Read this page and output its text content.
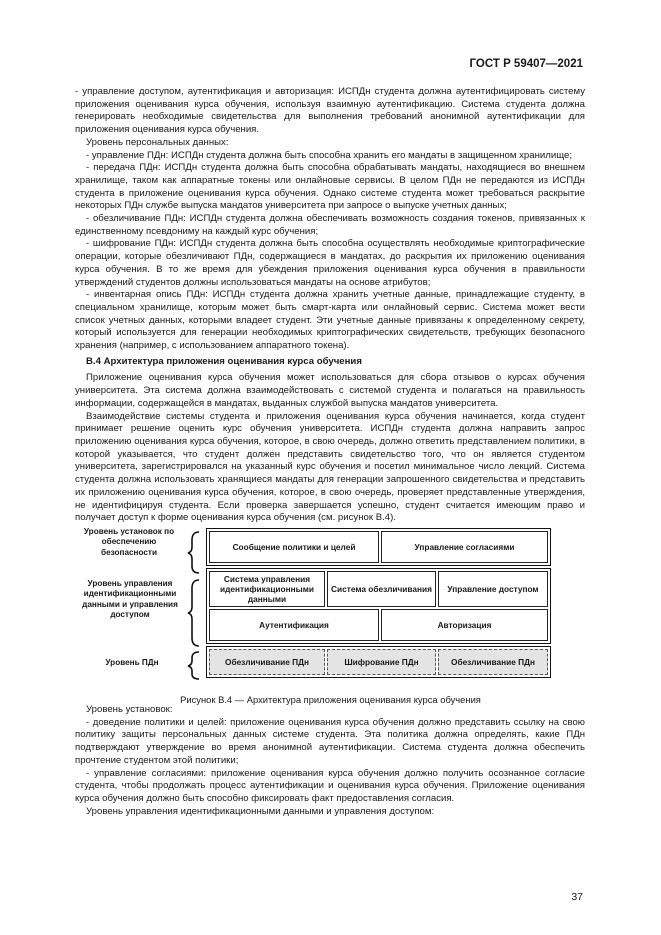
ГОСТ Р 59407—2021

- управление доступом, аутентификация и авторизация: ИСПДн студента должна аутентифицировать систему приложения оценивания курса обучения, используя взаимную аутентификацию. Система студента должна генерировать необходимые свидетельства для выполнения требований анонимной аутентификации для приложения оценивания курса обучения.

Уровень персональных данных:

- управление ПДн: ИСПДн студента должна быть способна хранить его мандаты в защищенном хранилище;

- передача ПДн: ИСПДн студента должна быть способна обрабатывать мандаты, находящиеся во внешнем хранилище, таком как аппаратные токены или онлайновые сервисы. В целом ПДн не передаются из ИСПДн студента в приложение оценивания курса обучения. Однако системе студента может требоваться раскрытие некоторых ПДн службе выпуска мандатов университета при запросе о выпуске учетных данных;

- обезличивание ПДн: ИСПДн студента должна обеспечивать возможность создания токенов, привязанных к единственному псевдониму на каждый курс обучения;

- шифрование ПДн: ИСПДн студента должна быть способна осуществлять необходимые криптографические операции, которые обезличивают ПДн, содержащиеся в мандатах, до раскрытия их приложению оценивания курса обучения. В то же время для убеждения приложения оценивания курса обучения в правильности утверждений студентов должны использоваться мандаты на основе атрибутов;

- инвентарная опись ПДн: ИСПДн студента должна хранить учетные данные, принадлежащие студенту, в специальном хранилище, которым может быть смарт-карта или онлайновый сервис. Система может вести список учетных данных, которыми владеет студент. Эти учетные данные привязаны к определенному секрету, который используется для генерации необходимых криптографических свидетельств, требующих безопасного хранения (например, с использованием аппаратного токена).

В.4 Архитектура приложения оценивания курса обучения

Приложение оценивания курса обучения может использоваться для сбора отзывов о курсах обучения университета. Эта система должна взаимодействовать с системой студента и полагаться на правильность информации, содержащейся в мандатах, выданных службой выпуска мандатов университета.

Взаимодействие системы студента и приложения оценивания курса обучения начинается, когда студент принимает решение оценить курс обучения университета. ИСПДн студента должна направить запрос приложению оценивания курса обучения, которое, в свою очередь, должно ответить представлением политики, в которой указывается, что студент должен представить свидетельство того, что он является студентом университета, зарегистрировался на указанный курс обучения и посетил минимальное число лекций. Система студента должна использовать хранящиеся мандаты для генерации запрошенного свидетельства и представить их приложению оценивания курса обучения, которое, в свою очередь, проверяет представленные утверждения, не идентифицируя студента. Если проверка завершается успешно, студент считается имеющим право и получает доступ к форме оценивания курса обучения (см. рисунок В.4).

Уровень установок по обеспечению безопасности
Уровень управления идентификационными данными и управления доступом
Уровень ПДн
Сообщение политики и целей	Управление согласиями
Система управления идентификационными данными
Система обезличивания	Управление доступом
Аутентификация	Авторизация
Обезличивание ПДн	Шифрование ПДн	Обезличивание ПДн
Рисунок В.4 — Архитектура приложения оценивания курса обучения

Уровень установок:

- доведение политики и целей: приложение оценивания курса обучения должно представить ссылку на свою политику защиты персональных данных системе студента. Эта политика должна определять, какие ПДн подтверждают утверждение во время анонимной аутентификации. Система студента должна обеспечить прочтение студентом этой политики;

- управление согласиями: приложение оценивания курса обучения должно получить осознанное согласие студента, чтобы продолжать процесс аутентификации и оценивания курса обучения. Приложение оценивания курса обучения должно быть способно фиксировать факт предоставления согласия.

Уровень управления идентификационными данными и управления доступом:

37
